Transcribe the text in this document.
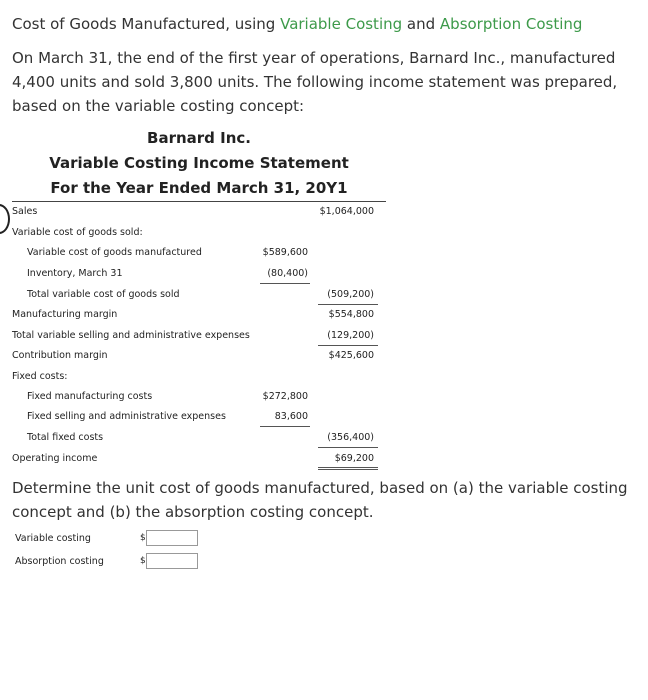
Cost of Goods Manufactured, using Variable Costing and Absorption Costing
On March 31, the end of the first year of operations, Barnard Inc., manufactured 4,400 units and sold 3,800 units. The following income statement was prepared, based on the variable costing concept:
Barnard Inc.
Variable Costing Income Statement
For the Year Ended March 31, 20Y1
Sales	$1,064,000
Variable cost of goods sold:
Variable cost of goods manufactured	$589,600
Inventory, March 31	(80,400)
Total variable cost of goods sold	(509,200)
Manufacturing margin	$554,800
Total variable selling and administrative expenses	(129,200)
Contribution margin	$425,600
Fixed costs:
Fixed manufacturing costs	$272,800
Fixed selling and administrative expenses	83,600
Total fixed costs	(356,400)
Operating income	$69,200
Determine the unit cost of goods manufactured, based on (a) the variable costing concept and (b) the absorption costing concept.
Variable costing	$
Absorption costing	$
